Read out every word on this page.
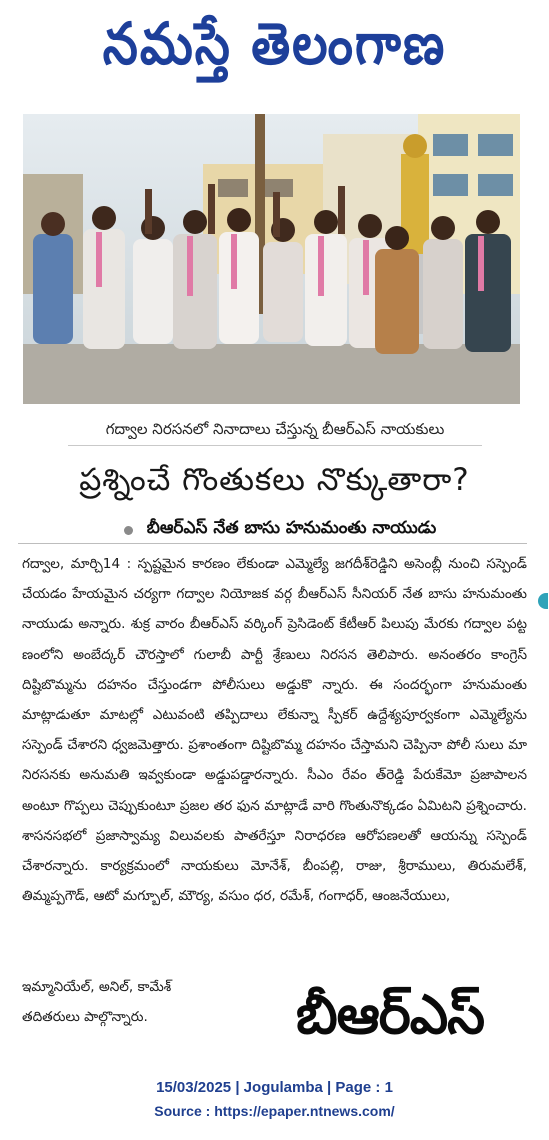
నమస్తే తెలంగాణ
గద్వాల నిరసనలో నినాదాలు చేస్తున్న బీఆర్‌ఎస్ నాయకులు
ప్రశ్నించే గొంతుకలు నొక్కుతారా?
బీఆర్‌ఎస్ నేత బాసు హనుమంతు నాయుడు
గద్వాల, మార్చి14 : స్పష్టమైన కారణం లేకుండా ఎమ్మెల్యే జగదీశ్‌రెడ్డిని అసెంబ్లీ నుంచి సస్పెండ్ చేయడం హేయమైన చర్యగా గద్వాల నియోజక వర్గ బీఆర్‌ఎస్ సీనియర్ నేత బాసు హనుమంతు నాయుడు అన్నారు. శుక్ర వారం బీఆర్‌ఎస్ వర్కింగ్ ప్రెసిడెంట్ కేటీఆర్ పిలుపు మేరకు గద్వాల పట్ట ణంలోని అంబేద్కర్ చౌరస్తాలో గులాబీ పార్టీ శ్రేణులు నిరసన తెలిపారు. అనంతరం కాంగ్రెస్ దిష్టిబొమ్మను దహనం చేస్తుండగా పోలీసులు అడ్డుకొ న్నారు. ఈ సందర్భంగా హనుమంతు మాట్లాడుతూ మాటల్లో ఎటువంటి తప్పిదాలు లేకున్నా స్పీకర్ ఉద్దేశ్యపూర్వకంగా ఎమ్మెల్యేను సస్పెండ్ చేశారని ధ్వజమెత్తారు. ప్రశాంతంగా దిష్టిబొమ్మ దహనం చేస్తామని చెప్పినా పోలీ సులు మా నిరసనకు అనుమతి ఇవ్వకుండా అడ్డుపడ్డారన్నారు. సీఎం రేవం త్‌రెడ్డి పేరుకేమో ప్రజాపాలన అంటూ గొప్పలు చెప్పుకుంటూ ప్రజల తర ఫున మాట్లాడే వారి గొంతునొక్కడం ఏమిటని ప్రశ్నించారు. శాసనసభలో ప్రజాస్వామ్య విలువలకు పాతరేస్తూ నిరాధరణ ఆరోపణలతో ఆయన్ను సస్పెండ్ చేశారన్నారు. కార్యక్రమంలో నాయకులు మోనేశ్, బీంపల్లి, రాజు, శ్రీరాములు, తిరుమలేశ్, తిమ్మప్పగౌడ్, ఆటో మగ్బూల్, మౌర్య, వసుం ధర, రమేశ్, గంగాధర్, ఆంజనేయులు,
ఇమ్మానియేల్, అనిల్, కామేశ్
తదితరులు పాల్గొన్నారు.	బీఆర్‌ఎస్
15/03/2025 | Jogulamba | Page : 1
Source : https://epaper.ntnews.com/
